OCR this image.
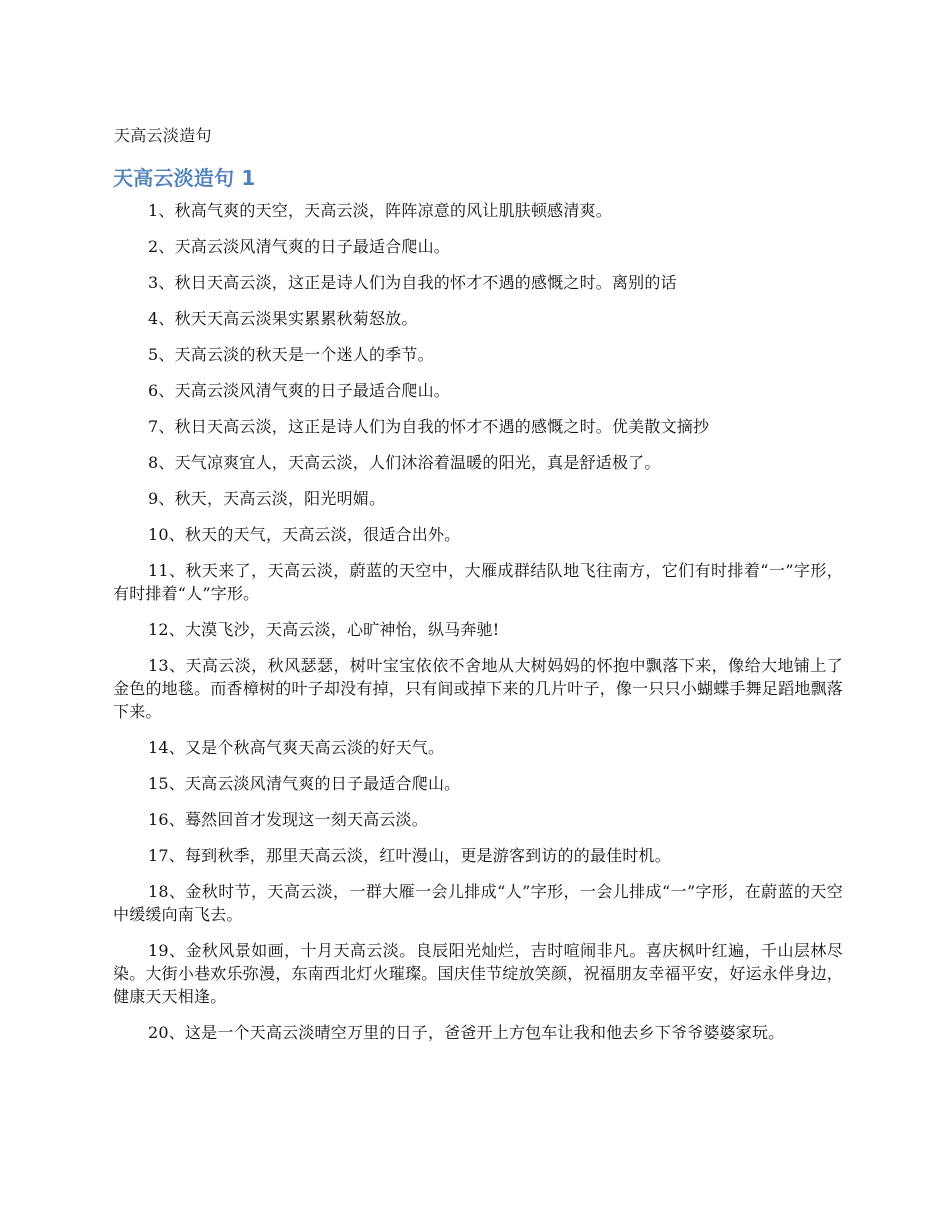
天高云淡造句
天高云淡造句 1

1、秋高气爽的天空，天高云淡，阵阵凉意的风让肌肤顿感清爽。

2、天高云淡风清气爽的日子最适合爬山。

3、秋日天高云淡，这正是诗人们为自我的怀才不遇的感慨之时。离别的话

4、秋天天高云淡果实累累秋菊怒放。

5、天高云淡的秋天是一个迷人的季节。

6、天高云淡风清气爽的日子最适合爬山。

7、秋日天高云淡，这正是诗人们为自我的怀才不遇的感慨之时。优美散文摘抄

8、天气凉爽宜人，天高云淡，人们沐浴着温暖的阳光，真是舒适极了。

9、秋天，天高云淡，阳光明媚。

10、秋天的天气，天高云淡，很适合出外。

11、秋天来了，天高云淡，蔚蓝的天空中，大雁成群结队地飞往南方，它们有时排着“一”字形，有时排着“人”字形。

12、大漠飞沙，天高云淡，心旷神怡，纵马奔驰!

13、天高云淡，秋风瑟瑟，树叶宝宝依依不舍地从大树妈妈的怀抱中飘落下来，像给大地铺上了金色的地毯。而香樟树的叶子却没有掉，只有间或掉下来的几片叶子，像一只只小蝴蝶手舞足蹈地飘落下来。

14、又是个秋高气爽天高云淡的好天气。

15、天高云淡风清气爽的日子最适合爬山。

16、蓦然回首才发现这一刻天高云淡。

17、每到秋季，那里天高云淡，红叶漫山，更是游客到访的的最佳时机。

18、金秋时节，天高云淡，一群大雁一会儿排成“人”字形，一会儿排成“一”字形，在蔚蓝的天空中缓缓向南飞去。

19、金秋风景如画，十月天高云淡。良辰阳光灿烂，吉时喧闹非凡。喜庆枫叶红遍，千山层林尽染。大街小巷欢乐弥漫，东南西北灯火璀璨。国庆佳节绽放笑颜，祝福朋友幸福平安，好运永伴身边，健康天天相逢。

20、这是一个天高云淡晴空万里的日子，爸爸开上方包车让我和他去乡下爷爷婆婆家玩。
